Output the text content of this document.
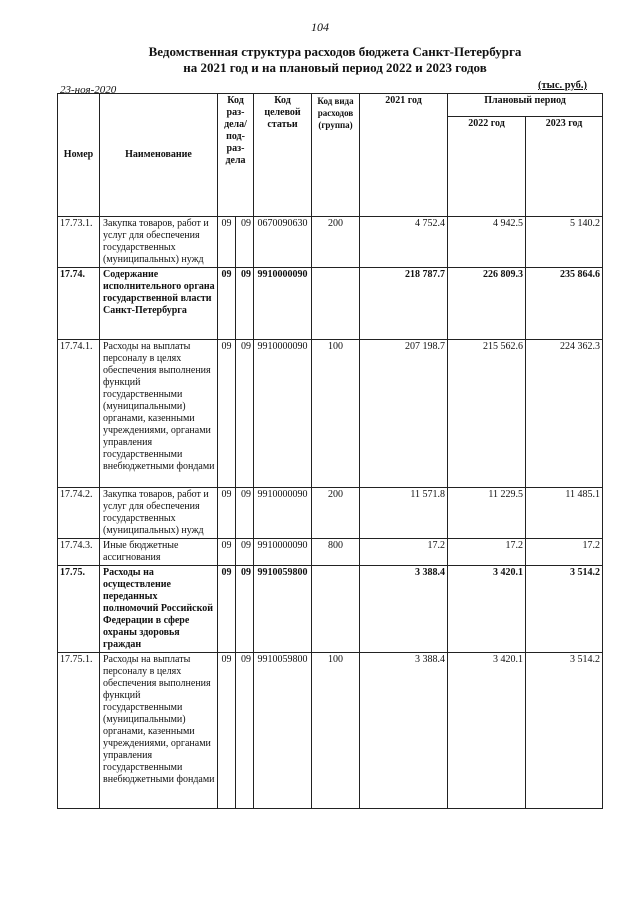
104
Ведомственная структура расходов бюджета Санкт-Петербурга
на 2021 год и на плановый период 2022 и 2023 годов
23-ноя-2020	(тыс. руб.)
Номер	Наименование	Код раз- дела/ под- раз- дела		Код целевой статьи	Код вида расходов (группа)	2021 год	Плановый период	
							2022 год	2023 год
17.73.1.	Закупка товаров, работ и услуг для обеспечения государственных (муниципальных) нужд	09	09	0670090630	200	4 752.4	4 942.5	5 140.2
17.74.	Содержание исполнительного органа государственной власти Санкт-Петербурга	09	09	9910000090		218 787.7	226 809.3	235 864.6
17.74.1.	Расходы на выплаты персоналу в целях обеспечения выполнения функций государственными (муниципальными) органами, казенными учреждениями, органами управления государственными внебюджетными фондами	09	09	9910000090	100	207 198.7	215 562.6	224 362.3
17.74.2.	Закупка товаров, работ и услуг для обеспечения государственных (муниципальных) нужд	09	09	9910000090	200	11 571.8	11 229.5	11 485.1
17.74.3.	Иные бюджетные ассигнования	09	09	9910000090	800	17.2	17.2	17.2
17.75.	Расходы на осуществление переданных полномочий Российской Федерации в сфере охраны здоровья граждан	09	09	9910059800		3 388.4	3 420.1	3 514.2
17.75.1.	Расходы на выплаты персоналу в целях обеспечения выполнения функций государственными (муниципальными) органами, казенными учреждениями, органами управления государственными внебюджетными фондами	09	09	9910059800	100	3 388.4	3 420.1	3 514.2
